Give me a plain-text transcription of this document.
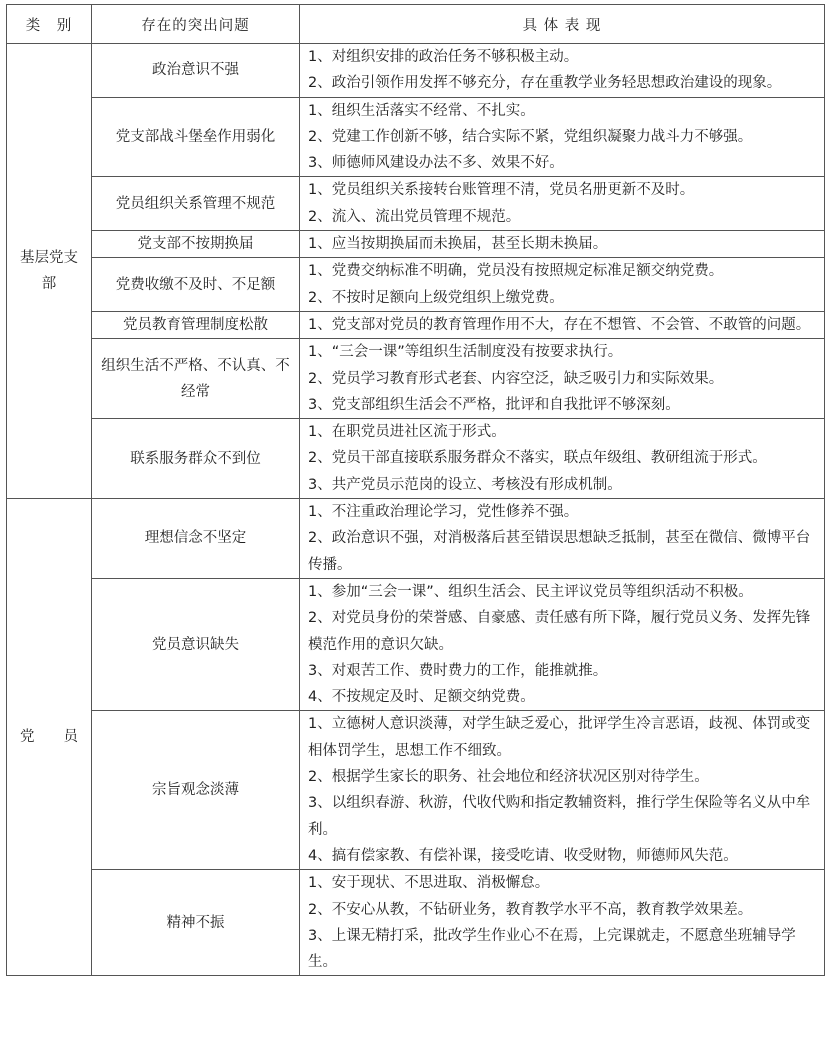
类　别	存在的突出问题	具 体 表 现
基层党支部	政治意识不强	1、对组织安排的政治任务不够积极主动。
2、政治引领作用发挥不够充分，存在重教学业务轻思想政治建设的现象。

	党支部战斗堡垒作用弱化	1、组织生活落实不经常、不扎实。
2、党建工作创新不够，结合实际不紧，党组织凝聚力战斗力不够强。
3、师德师风建设办法不多、效果不好。

	党员组织关系管理不规范	1、党员组织关系接转台账管理不清，党员名册更新不及时。
2、流入、流出党员管理不规范。

	党支部不按期换届	1、应当按期换届而未换届，甚至长期未换届。

	党费收缴不及时、不足额	1、党费交纳标准不明确，党员没有按照规定标准足额交纳党费。
2、不按时足额向上级党组织上缴党费。

	党员教育管理制度松散	1、党支部对党员的教育管理作用不大，存在不想管、不会管、不敢管的问题。

	组织生活不严格、不认真、不经常	1、“三会一课”等组织生活制度没有按要求执行。
2、党员学习教育形式老套、内容空泛，缺乏吸引力和实际效果。
3、党支部组织生活会不严格，批评和自我批评不够深刻。

	联系服务群众不到位	1、在职党员进社区流于形式。
2、党员干部直接联系服务群众不落实，联点年级组、教研组流于形式。
3、共产党员示范岗的设立、考核没有形成机制。

党　　员	理想信念不坚定	1、不注重政治理论学习，党性修养不强。
2、政治意识不强，对消极落后甚至错误思想缺乏抵制，甚至在微信、微博平台传播。

	党员意识缺失	1、参加“三会一课”、组织生活会、民主评议党员等组织活动不积极。
2、对党员身份的荣誉感、自豪感、责任感有所下降，履行党员义务、发挥先锋模范作用的意识欠缺。
3、对艰苦工作、费时费力的工作，能推就推。
4、不按规定及时、足额交纳党费。

	宗旨观念淡薄	1、立德树人意识淡薄，对学生缺乏爱心，批评学生冷言恶语，歧视、体罚或变相体罚学生，思想工作不细致。
2、根据学生家长的职务、社会地位和经济状况区别对待学生。
3、以组织春游、秋游，代收代购和指定教辅资料，推行学生保险等名义从中牟利。
4、搞有偿家教、有偿补课，接受吃请、收受财物，师德师风失范。

	精神不振	1、安于现状、不思进取、消极懈怠。
2、不安心从教，不钻研业务，教育教学水平不高，教育教学效果差。
3、上课无精打采，批改学生作业心不在焉，上完课就走，不愿意坐班辅导学生。
